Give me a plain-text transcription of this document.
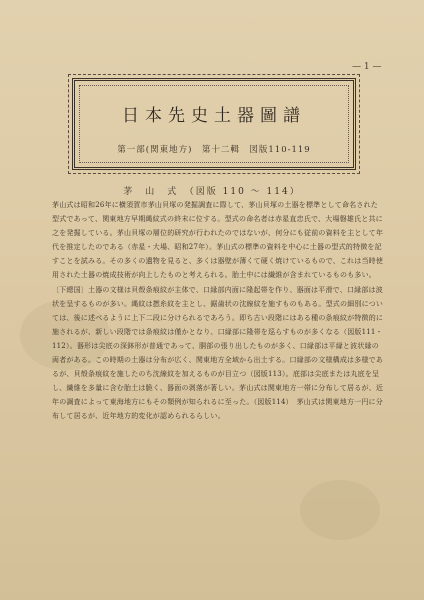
— 1 —
日本先史土器圖譜
第一部(関東地方)　第十二輯　図版110-119
茅　山　式　（図版 110 ～ 114）
茅山式は昭和26年に横須賀市茅山貝塚の発掘調査に際して、茅山貝塚の土器を標準として命名された型式であって、関東地方早期縄紋式の終末に位する。型式の命名者は赤星直忠氏で、大場磐雄氏と共に之を発掘している。茅山貝塚の層位的研究が行われたのではないが、何分にも従前の資料を主として年代を推定したのである（赤星・大場、昭和27年）。茅山式の標準の資料を中心に土器の型式的特徴を記すことを試みる。その多くの遺物を見ると、多くは器壁が薄くて硬く焼けているもので、これは当時使用された土器の焼成技術が向上したものと考えられる。胎土中には繊維が含まれているものも多い。〔下總国〕土器の文様は貝殻条痕紋が主体で、口縁部内面に隆起帯を作り、器面は平滑で、口縁部は波状を呈するものが多い。縄紋は撚糸紋を主とし、鋸歯状の沈線紋を施すものもある。型式の細別については、後に述べるように上下二段に分けられるであろう。即ち古い段階にはある種の条痕紋が特徴的に施されるが、新しい段階では条痕紋は僅かとなり、口縁部に隆帯を巡らすものが多くなる（図版111・112）。器形は尖底の深鉢形が普通であって、胴部の張り出したものが多く、口縁部は平縁と波状縁の両者がある。この時期の土器は分布が広く、関東地方全域から出土する。口縁部の文様構成は多様であるが、貝殻条痕紋を施したのち沈線紋を加えるものが目立つ（図版113）。底部は尖底または丸底を呈し、繊維を多量に含む胎土は脆く、器面の剥落が著しい。茅山式は関東地方一帯に分布して居るが、近年の調査によって東海地方にもその類例が知られるに至った。（図版114）　茅山式は関東地方一円に分布して居るが、近年地方的変化が認められるらしい。
